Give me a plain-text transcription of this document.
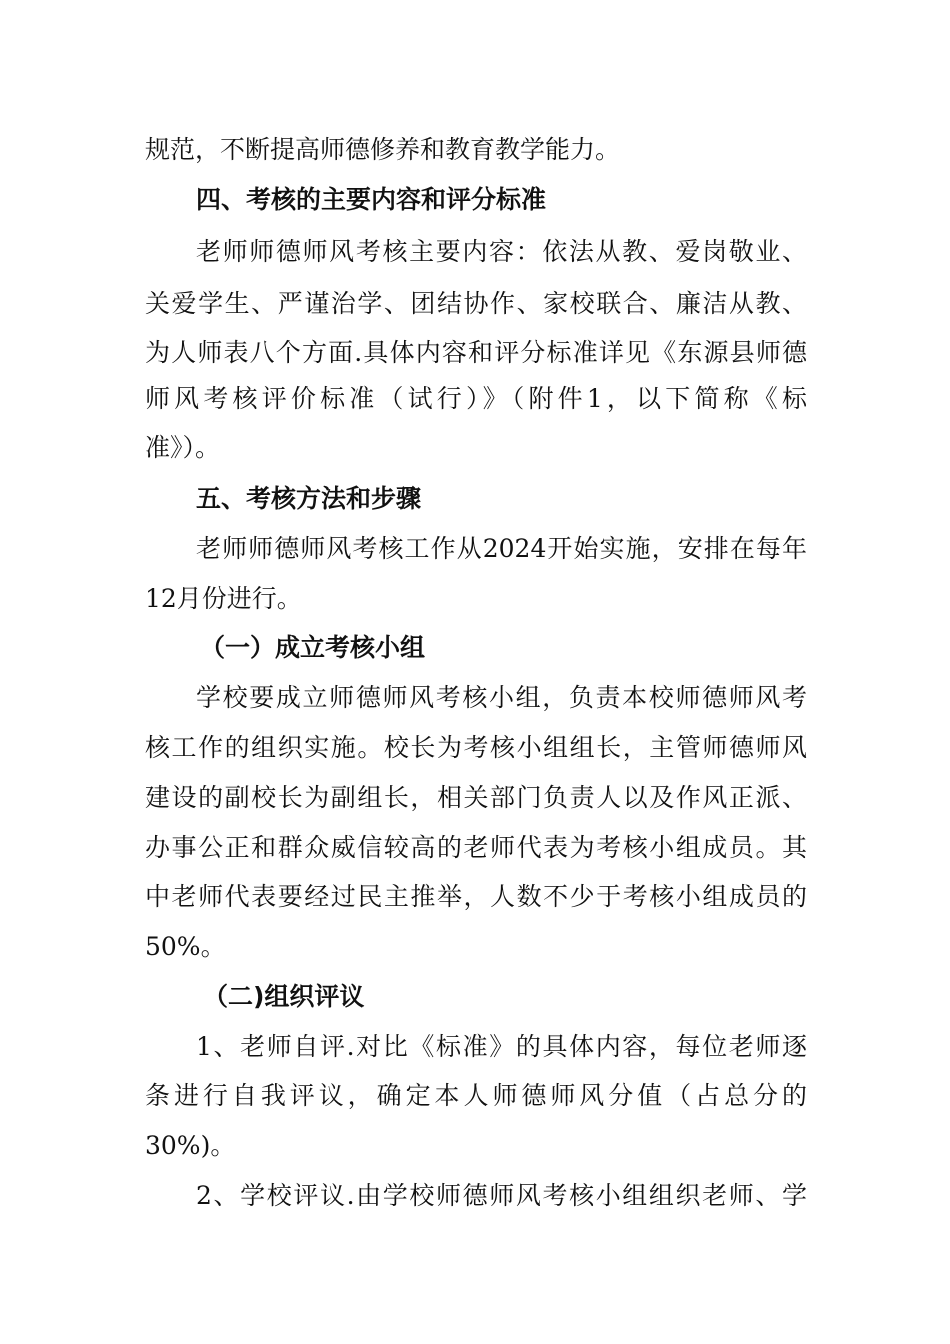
规范，不断提高师德修养和教育教学能力。
四、考核的主要内容和评分标准
老师师德师风考核主要内容：依法从教、爱岗敬业、
关爱学生、严谨治学、团结协作、家校联合、廉洁从教、
为人师表八个方面.具体内容和评分标准详见《东源县师德
师风考核评价标准（试行）》（附件1，以下简称《标
准》）。
五、考核方法和步骤
老师师德师风考核工作从2024开始实施，安排在每年
12月份进行。
（一）成立考核小组
学校要成立师德师风考核小组，负责本校师德师风考
核工作的组织实施。校长为考核小组组长，主管师德师风
建设的副校长为副组长，相关部门负责人以及作风正派、
办事公正和群众威信较高的老师代表为考核小组成员。其
中老师代表要经过民主推举，人数不少于考核小组成员的
50%。
（二)组织评议
1、老师自评.对比《标准》的具体内容，每位老师逐
条进行自我评议，确定本人师德师风分值（占总分的
30%)。
2、学校评议.由学校师德师风考核小组组织老师、学
